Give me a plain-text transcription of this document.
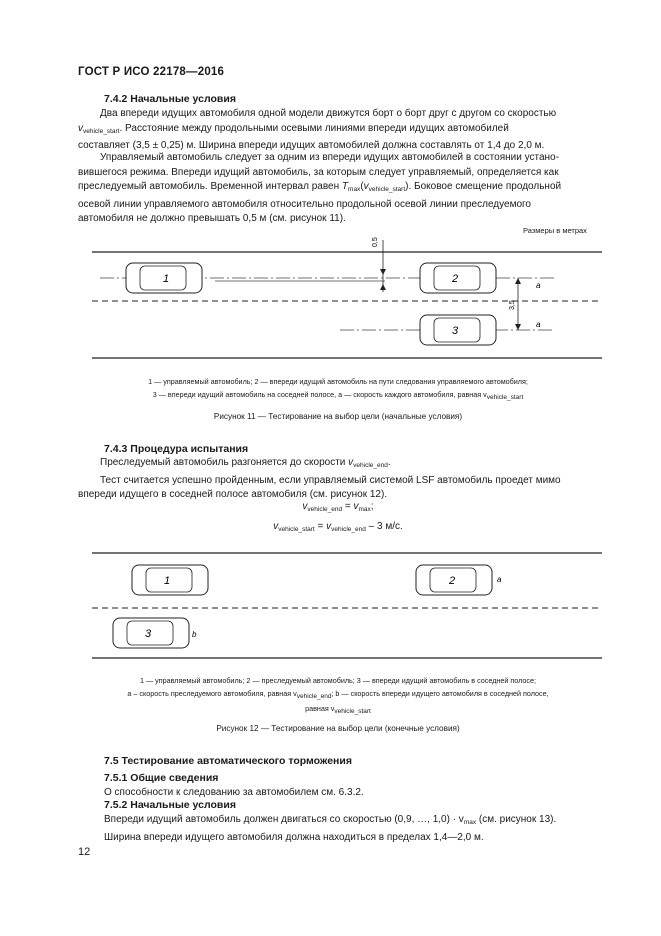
ГОСТ Р ИСО 22178—2016
7.4.2 Начальные условия
Два впереди идущих автомобиля одной модели движутся борт о борт друг с другом со скоростью
$v_{vehicle\_start}$. Расстояние между продольными осевыми линиями впереди идущих автомобилей
составляет (3,5 ± 0,25) м. Ширина впереди идущих автомобилей должна составлять от 1,4 до 2,0 м.
Управляемый автомобиль следует за одним из впереди идущих автомобилей в состоянии устано-
вившегося режима. Впереди идущий автомобиль, за которым следует управляемый, определяется как
преследуемый автомобиль. Временной интервал равен $T_{max}(v_{vehicle\_start})$. Боковое смещение продольной
осевой линии управляемого автомобиля относительно продольной осевой линии преследуемого
автомобиля не должно превышать 0,5 м (см. рисунок 11).
Размеры в метрах
0,5
3,5
1	2
3
a
a
1 — управляемый автомобиль; 2 — впереди идущий автомобиль на пути следования управляемого автомобиля;
3 — впереди идущий автомобиль на соседней полосе, a — скорость каждого автомобиля, равная $v_{vehicle\_start}$
Рисунок 11 — Тестирование на выбор цели (начальные условия)
7.4.3 Процедура испытания
Преследуемый автомобиль разгоняется до скорости $v_{vehicle\_end}$.
Тест считается успешно пройденным, если управляемый системой LSF автомобиль проедет мимо
впереди идущего в соседней полосе автомобиля (см. рисунок 12).
$v_{vehicle\_end} = v_{max}$;
$v_{vehicle\_start} = v_{vehicle\_end} - 3$ м/с.
1	2
3
a
b
1 — управляемый автомобиль; 2 — преследуемый автомобиль; 3 — впереди идущий автомобиль в соседней полосе;
a – скорость преследуемого автомобиля, равная $v_{vehicle\_end}$; b — скорость впереди идущего автомобиля в соседней полосе,
равная $v_{vehicle\_start}$
Рисунок 12 — Тестирование на выбор цели (конечные условия)
7.5 Тестирование автоматического торможения
7.5.1 Общие сведения
О способности к следованию за автомобилем см. 6.3.2.
7.5.2 Начальные условия
Впереди идущий автомобиль должен двигаться со скоростью (0,9, …, $1,0) \cdot v_{max}$ (см. рисунок 13).
Ширина впереди идущего автомобиля должна находиться в пределах 1,4—2,0 м.
12
